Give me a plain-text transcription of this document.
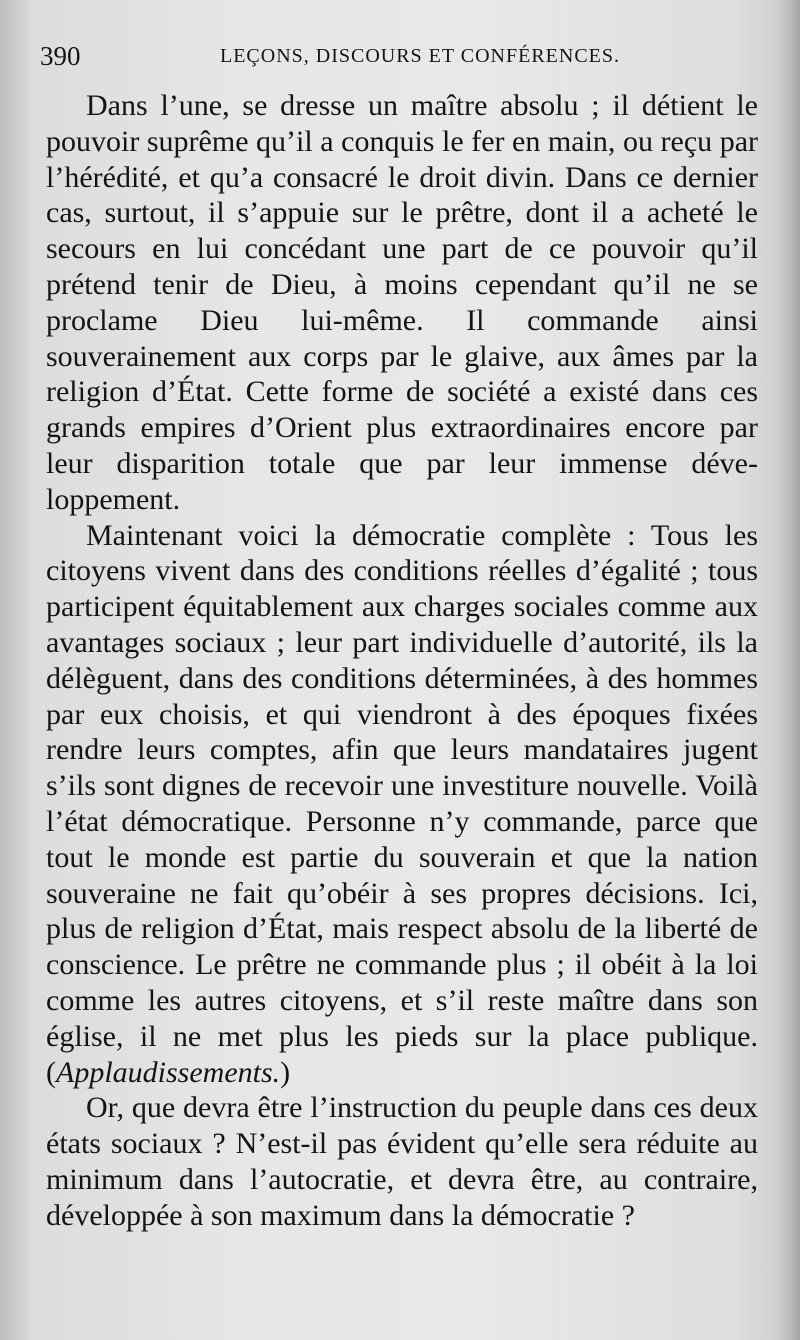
390	LEÇONS, DISCOURS ET CONFÉRENCES.

Dans l’une, se dresse un maître absolu ; il détient le pouvoir suprême qu’il a conquis le fer en main, ou reçu par l’hérédité, et qu’a consacré le droit divin. Dans ce dernier cas, surtout, il s’appuie sur le prêtre, dont il a acheté le secours en lui concédant une part de ce pouvoir qu’il prétend tenir de Dieu, à moins cependant qu’il ne se proclame Dieu lui-même. Il commande ainsi souverainement aux corps par le glaive, aux âmes par la religion d’État. Cette forme de société a existé dans ces grands empires d’Orient plus extraordinaires encore par leur disparition totale que par leur immense développement.

Maintenant voici la démocratie complète : Tous les citoyens vivent dans des conditions réelles d’égalité ; tous participent équitablement aux charges sociales comme aux avantages sociaux ; leur part individuelle d’autorité, ils la délèguent, dans des conditions déterminées, à des hommes par eux choisis, et qui viendront à des époques fixées rendre leurs comptes, afin que leurs mandataires jugent s’ils sont dignes de recevoir une investiture nouvelle. Voilà l’état démocratique. Personne n’y commande, parce que tout le monde est partie du souverain et que la nation souveraine ne fait qu’obéir à ses propres décisions. Ici, plus de religion d’État, mais respect absolu de la liberté de conscience. Le prêtre ne commande plus ; il obéit à la loi comme les autres citoyens, et s’il reste maître dans son église, il ne met plus les pieds sur la place publique. (Applaudissements.)

Or, que devra être l’instruction du peuple dans ces deux états sociaux ? N’est-il pas évident qu’elle sera réduite au minimum dans l’autocratie, et devra être, au contraire, développée à son maximum dans la démocratie ?
